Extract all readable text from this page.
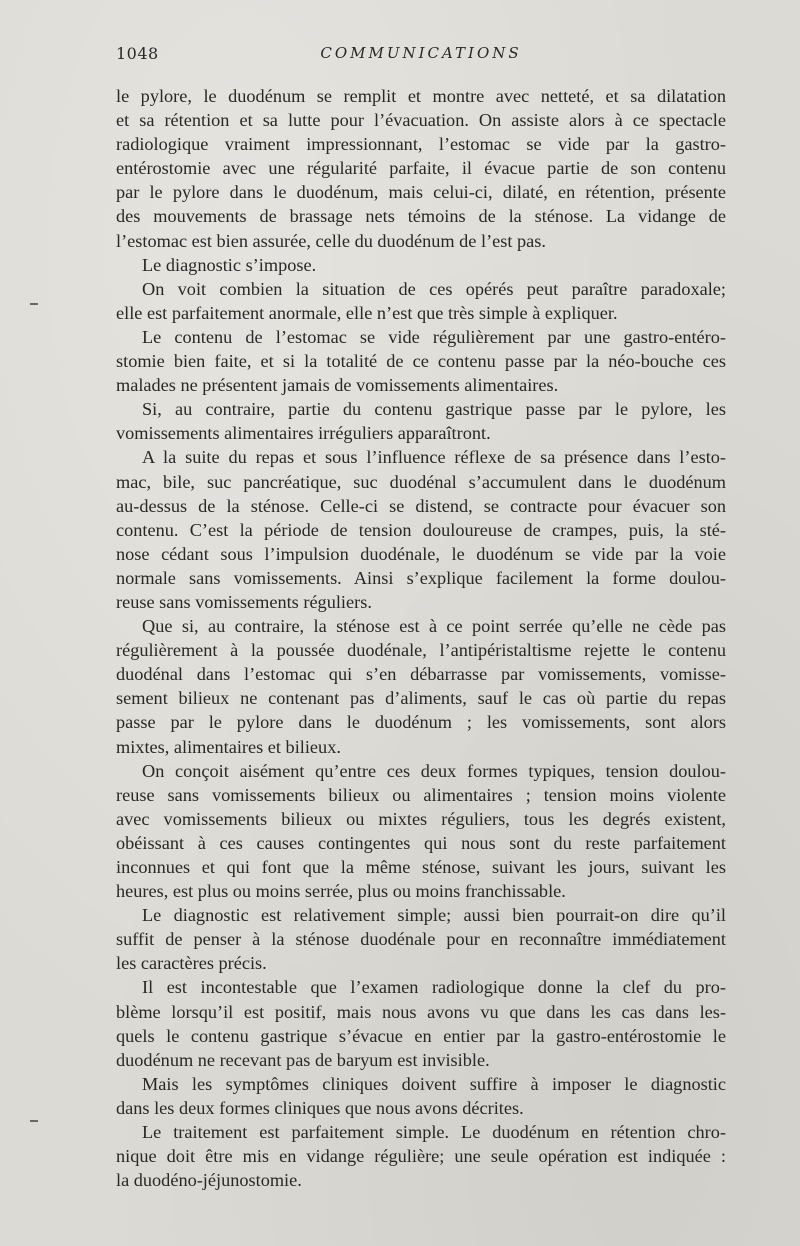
1048	COMMUNICATIONS
le pylore, le duodénum se remplit et montre avec netteté, et sa dilatation
et sa rétention et sa lutte pour l’évacuation. On assiste alors à ce spectacle
radiologique vraiment impressionnant, l’estomac se vide par la gastro-
entérostomie avec une régularité parfaite, il évacue partie de son contenu
par le pylore dans le duodénum, mais celui-ci, dilaté, en rétention, présente
des mouvements de brassage nets témoins de la sténose. La vidange de
l’estomac est bien assurée, celle du duodénum de l’est pas.
Le diagnostic s’impose.
On voit combien la situation de ces opérés peut paraître paradoxale;
elle est parfaitement anormale, elle n’est que très simple à expliquer.
Le contenu de l’estomac se vide régulièrement par une gastro-entéro-
stomie bien faite, et si la totalité de ce contenu passe par la néo-bouche ces
malades ne présentent jamais de vomissements alimentaires.
Si, au contraire, partie du contenu gastrique passe par le pylore, les
vomissements alimentaires irréguliers apparaîtront.
A la suite du repas et sous l’influence réflexe de sa présence dans l’esto-
mac, bile, suc pancréatique, suc duodénal s’accumulent dans le duodénum
au-dessus de la sténose. Celle-ci se distend, se contracte pour évacuer son
contenu. C’est la période de tension douloureuse de crampes, puis, la sté-
nose cédant sous l’impulsion duodénale, le duodénum se vide par la voie
normale sans vomissements. Ainsi s’explique facilement la forme doulou-
reuse sans vomissements réguliers.
Que si, au contraire, la sténose est à ce point serrée qu’elle ne cède pas
régulièrement à la poussée duodénale, l’antipéristaltisme rejette le contenu
duodénal dans l’estomac qui s’en débarrasse par vomissements, vomisse-
sement bilieux ne contenant pas d’aliments, sauf le cas où partie du repas
passe par le pylore dans le duodénum ; les vomissements, sont alors
mixtes, alimentaires et bilieux.
On conçoit aisément qu’entre ces deux formes typiques, tension doulou-
reuse sans vomissements bilieux ou alimentaires ; tension moins violente
avec vomissements bilieux ou mixtes réguliers, tous les degrés existent,
obéissant à ces causes contingentes qui nous sont du reste parfaitement
inconnues et qui font que la même sténose, suivant les jours, suivant les
heures, est plus ou moins serrée, plus ou moins franchissable.
Le diagnostic est relativement simple; aussi bien pourrait-on dire qu’il
suffit de penser à la sténose duodénale pour en reconnaître immédiatement
les caractères précis.
Il est incontestable que l’examen radiologique donne la clef du pro-
blème lorsqu’il est positif, mais nous avons vu que dans les cas dans les-
quels le contenu gastrique s’évacue en entier par la gastro-entérostomie le
duodénum ne recevant pas de baryum est invisible.
Mais les symptômes cliniques doivent suffire à imposer le diagnostic
dans les deux formes cliniques que nous avons décrites.
Le traitement est parfaitement simple. Le duodénum en rétention chro-
nique doit être mis en vidange régulière; une seule opération est indiquée :
la duodéno-jéjunostomie.
